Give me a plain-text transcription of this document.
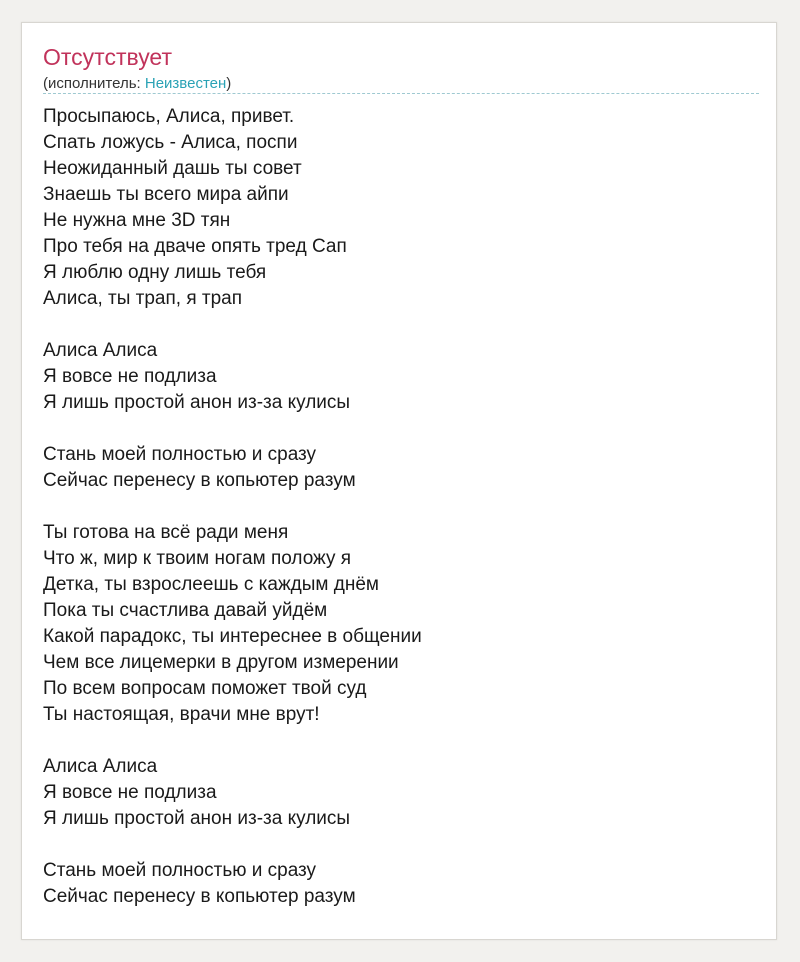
Отсутствует
(исполнитель: Неизвестен)
Просыпаюсь, Алиса, привет.
Спать ложусь - Алиса, поспи
Неожиданный дашь ты совет
Знаешь ты всего мира айпи
Не нужна мне 3D тян
Про тебя на дваче опять тред Сап
Я люблю одну лишь тебя
Алиса, ты трап, я трап
Алиса Алиса
Я вовсе не подлиза
Я лишь простой анон из-за кулисы
Стань моей полностью и сразу
Сейчас перенесу в копьютер разум
Ты готова на всё ради меня
Что ж, мир к твоим ногам положу я
Детка, ты взрослеешь с каждым днём
Пока ты счастлива давай уйдём
Какой парадокс, ты интереснее в общении
Чем все лицемерки в другом измерении
По всем вопросам поможет твой суд
Ты настоящая, врачи мне врут!
Алиса Алиса
Я вовсе не подлиза
Я лишь простой анон из-за кулисы
Стань моей полностью и сразу
Сейчас перенесу в копьютер разум
